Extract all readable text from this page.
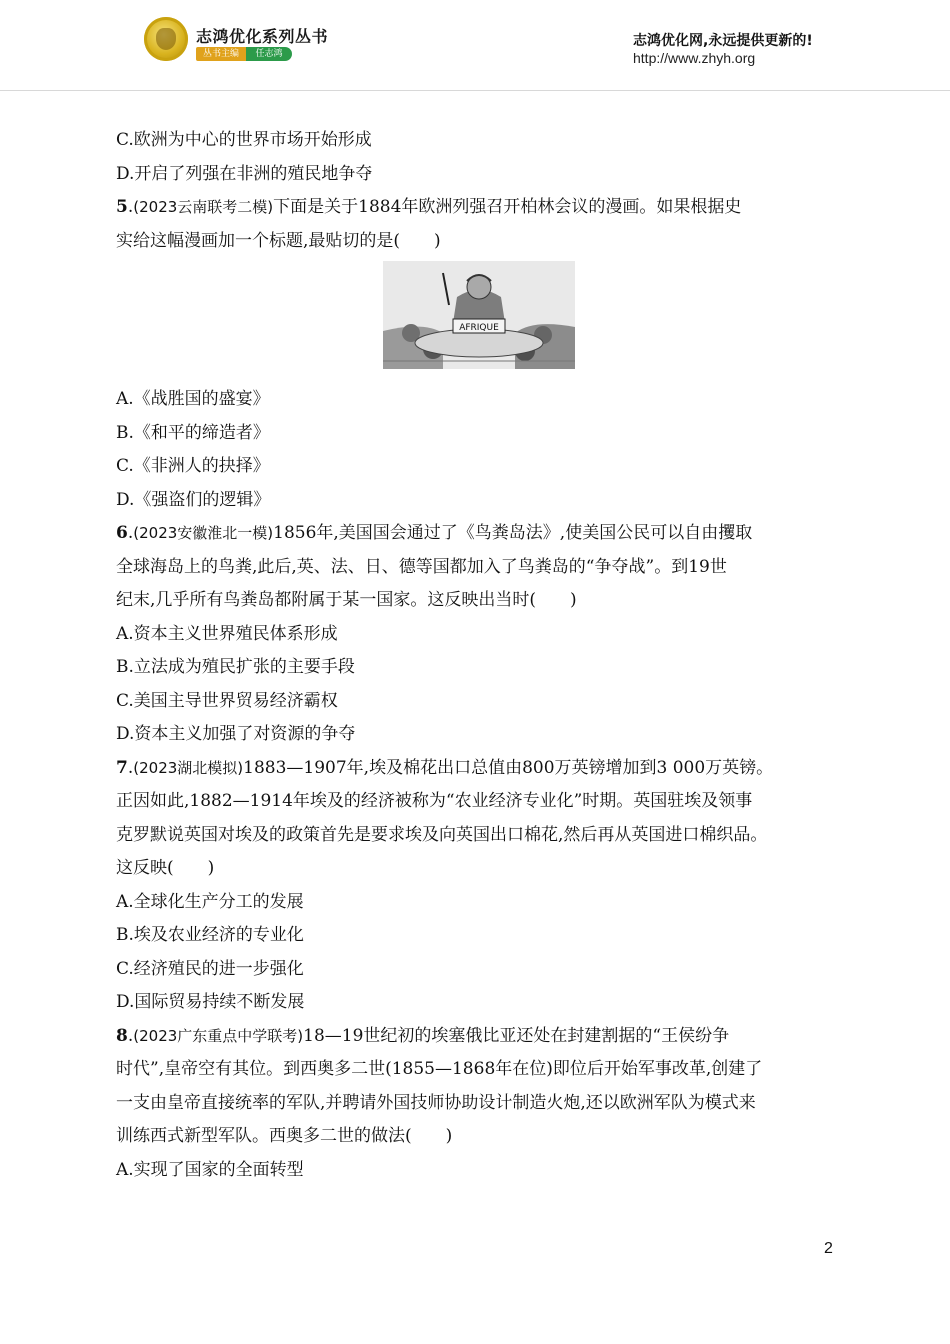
志鸿优化系列丛书
丛书主编	任志鸿
志鸿优化网,永远提供更新的!
http://www.zhyh.org
C.欧洲为中心的世界市场开始形成
D.开启了列强在非洲的殖民地争夺
5.(2023云南联考二模)下面是关于1884年欧洲列强召开柏林会议的漫画。如果根据史
实给这幅漫画加一个标题,最贴切的是(　　)
AFRIQUE
A.《战胜国的盛宴》
B.《和平的缔造者》
C.《非洲人的抉择》
D.《强盗们的逻辑》
6.(2023安徽淮北一模)1856年,美国国会通过了《鸟粪岛法》,使美国公民可以自由攫取
全球海岛上的鸟粪,此后,英、法、日、德等国都加入了鸟粪岛的“争夺战”。到19世
纪末,几乎所有鸟粪岛都附属于某一国家。这反映出当时(　　)
A.资本主义世界殖民体系形成
B.立法成为殖民扩张的主要手段
C.美国主导世界贸易经济霸权
D.资本主义加强了对资源的争夺
7.(2023湖北模拟)1883—1907年,埃及棉花出口总值由800万英镑增加到3 000万英镑。
正因如此,1882—1914年埃及的经济被称为“农业经济专业化”时期。英国驻埃及领事
克罗默说英国对埃及的政策首先是要求埃及向英国出口棉花,然后再从英国进口棉织品。
这反映(　　)
A.全球化生产分工的发展
B.埃及农业经济的专业化
C.经济殖民的进一步强化
D.国际贸易持续不断发展
8.(2023广东重点中学联考)18—19世纪初的埃塞俄比亚还处在封建割据的“王侯纷争
时代”,皇帝空有其位。到西奥多二世(1855—1868年在位)即位后开始军事改革,创建了
一支由皇帝直接统率的军队,并聘请外国技师协助设计制造火炮,还以欧洲军队为模式来
训练西式新型军队。西奥多二世的做法(　　)
A.实现了国家的全面转型
2
